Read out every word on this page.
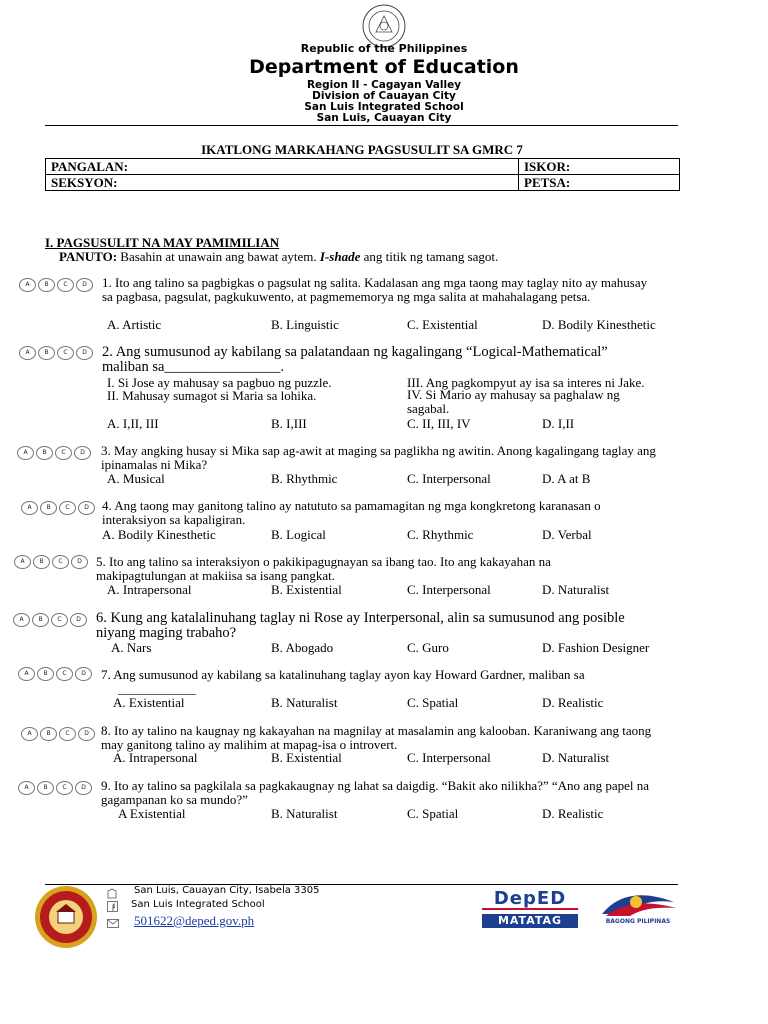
Republic of the Philippines
Department of Education
Region II - Cagayan Valley
Division of Cauayan City
San Luis Integrated School
San Luis, Cauayan City
IKATLONG MARKAHANG PAGSUSULIT SA GMRC 7
PANGALAN:	ISKOR:
SEKSYON:	PETSA:
I. PAGSUSULIT NA MAY PAMIMILIAN
PANUTO: Basahin at unawain ang bawat aytem. I-shade ang titik ng tamang sagot.
A	B	C	D	1. Ito ang talino sa pagbigkas o pagsulat ng salita. Kadalasan ang mga taong may taglay nito ay mahusay sa pagbasa, pagsulat, pagkukuwento, at pagmememorya ng mga salita at mahahalagang petsa.
A. Artistic	B. Linguistic	C. Existential	D. Bodily Kinesthetic
A	B	C	D	2. Ang sumusunod ay kabilang sa palatandaan ng kagalingang “Logical-Mathematical” maliban sa________________.
I. Si Jose ay mahusay sa pagbuo ng puzzle.	III. Ang pagkompyut ay isa sa interes ni Jake.
II. Mahusay sumagot si Maria sa lohika.	IV. Si Mario ay mahusay sa paghalaw ng sagabal.
A. I,II, III	B. I,III	C. II, III, IV	D. I,II
A	B	C	D	3. May angking husay si Mika sap ag-awit at maging sa paglikha ng awitin. Anong kagalingang taglay ang ipinamalas ni Mika?
A. Musical	B. Rhythmic	C. Interpersonal	D. A at B
A	B	C	D	4. Ang taong may ganitong talino ay natututo sa pamamagitan ng mga kongkretong karanasan o interaksiyon sa kapaligiran.
A. Bodily Kinesthetic	B. Logical	C. Rhythmic	D. Verbal
A	B	C	D	5. Ito ang talino sa interaksiyon o pakikipagugnayan sa ibang tao. Ito ang kakayahan na makipagtulungan at makiisa sa isang pangkat.
A. Intrapersonal	B. Existential	C. Interpersonal	D. Naturalist
A	B	C	D	6. Kung ang katalalinuhang taglay ni Rose ay Interpersonal, alin sa sumusunod ang posible niyang maging trabaho?
A. Nars	B. Abogado	C. Guro	D. Fashion Designer
A	B	C	D	7. Ang sumusunod ay kabilang sa katalinuhang taglay ayon kay Howard Gardner, maliban sa
____________
A. Existential	B. Naturalist	C. Spatial	D. Realistic
A	B	C	D 8. Ito ay talino na kaugnay ng kakayahan na magnilay at masalamin ang kalooban. Karaniwang ang taong may ganitong talino ay malihim at mapag-isa o introvert.
A. Intrapersonal	B. Existential	C. Interpersonal	D. Naturalist
A	B	C	D	9. Ito ay talino sa pagkilala sa pagkakaugnay ng lahat sa daigdig. “Bakit ako nilikha?” “Ano ang papel na gagampanan ko sa mundo?”
A Existential	B. Naturalist	C. Spatial	D. Realistic
San Luis, Cauayan City, Isabela 3305
San Luis Integrated School
501622@deped.gov.ph
DepED
MATATAG	BAGONG PILIPINAS
